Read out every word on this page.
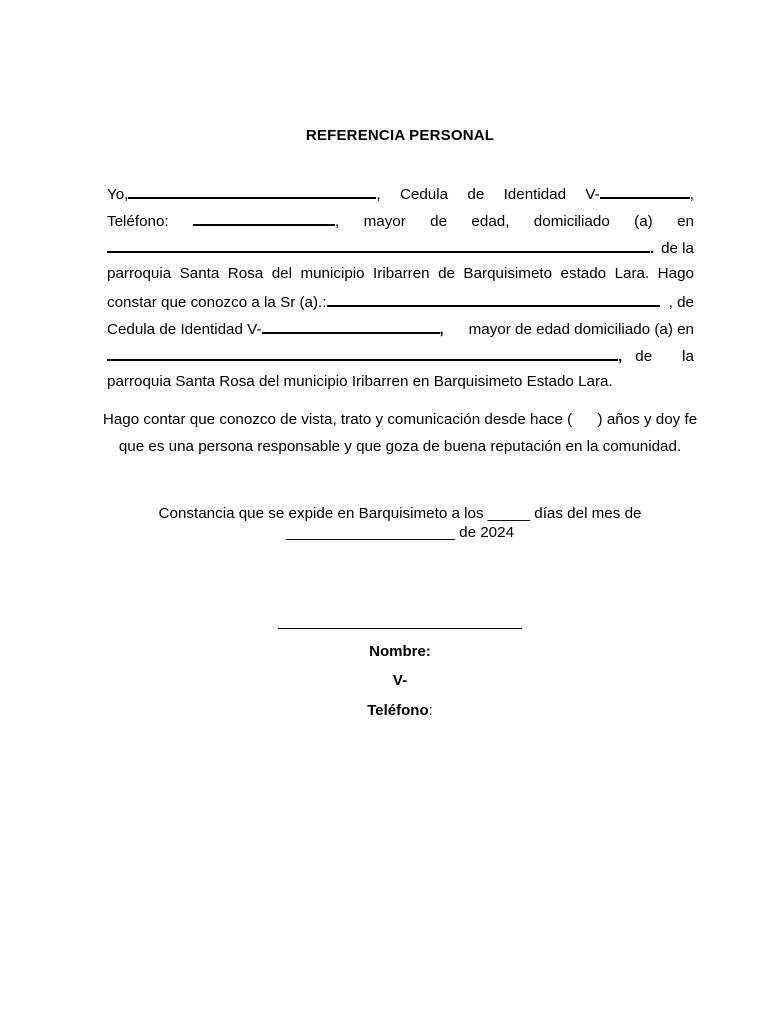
REFERENCIA PERSONAL
Yo,	, Cedula de Identidad V-	,
Teléfono:	, mayor de edad, domiciliado (a) en
. de la
parroquia Santa Rosa del municipio Iribarren de Barquisimeto estado Lara. Hago
constar que conozco a la Sr (a).:	, de
Cedula de Identidad V-	, mayor de edad domiciliado (a) en
, de la
parroquia Santa Rosa del municipio Iribarren en Barquisimeto Estado Lara.
Hago contar que conozco de vista, trato y comunicación desde hace (      ) años y doy fe
que es una persona responsable y que goza de buena reputación en la comunidad.
Constancia que se expide en Barquisimeto a los _____ días del mes de
____________________ de 2024
Nombre:
V-
Teléfono:
